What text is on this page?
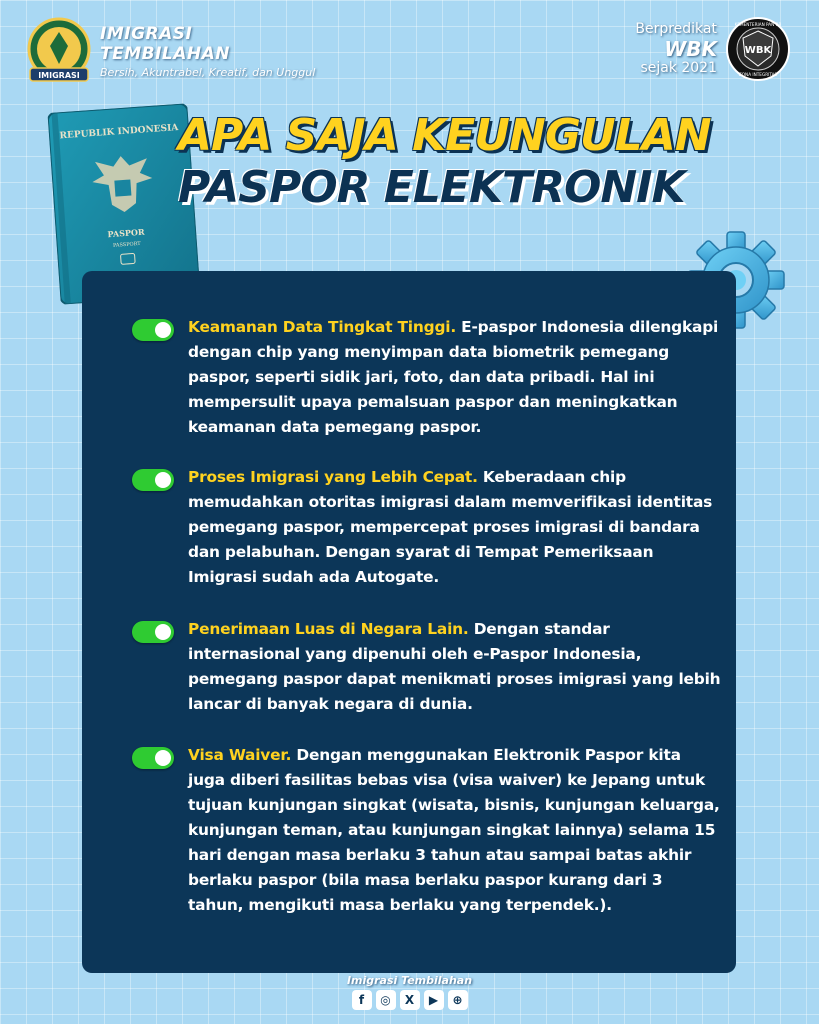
IMIGRASI
IMIGRASI
TEMBILAHAN
Bersih, Akuntrabel, Kreatif, dan Unggul
Berpredikat
WBK
sejak 2021
WBK
KEMENTERIAN PAN RB
ZONA INTEGRITAS
REPUBLIK INDONESIA
PASPOR
PASSPORT
APA SAJA KEUNGULAN
PASPOR ELEKTRONIK

Keamanan Data Tingkat Tinggi. E-paspor Indonesia dilengkapi dengan chip yang menyimpan data biometrik pemegang paspor, seperti sidik jari, foto, dan data pribadi. Hal ini mempersulit upaya pemalsuan paspor dan meningkatkan keamanan data pemegang paspor.

Proses Imigrasi yang Lebih Cepat. Keberadaan chip memudahkan otoritas imigrasi dalam memverifikasi identitas pemegang paspor, mempercepat proses imigrasi di bandara dan pelabuhan. Dengan syarat di Tempat Pemeriksaan Imigrasi sudah ada Autogate.

Penerimaan Luas di Negara Lain. Dengan standar internasional yang dipenuhi oleh e-Paspor Indonesia, pemegang paspor dapat menikmati proses imigrasi yang lebih lancar di banyak negara di dunia.

Visa Waiver. Dengan menggunakan Elektronik Paspor kita juga diberi fasilitas bebas visa (visa waiver) ke Jepang untuk tujuan kunjungan singkat (wisata, bisnis, kunjungan keluarga, kunjungan teman, atau kunjungan singkat lainnya) selama 15 hari dengan masa berlaku 3 tahun atau sampai batas akhir berlaku paspor (bila masa berlaku paspor kurang dari 3 tahun, mengikuti masa berlaku yang terpendek.).

Imigrasi Tembilahan
f	◎	X	▶	⊕
